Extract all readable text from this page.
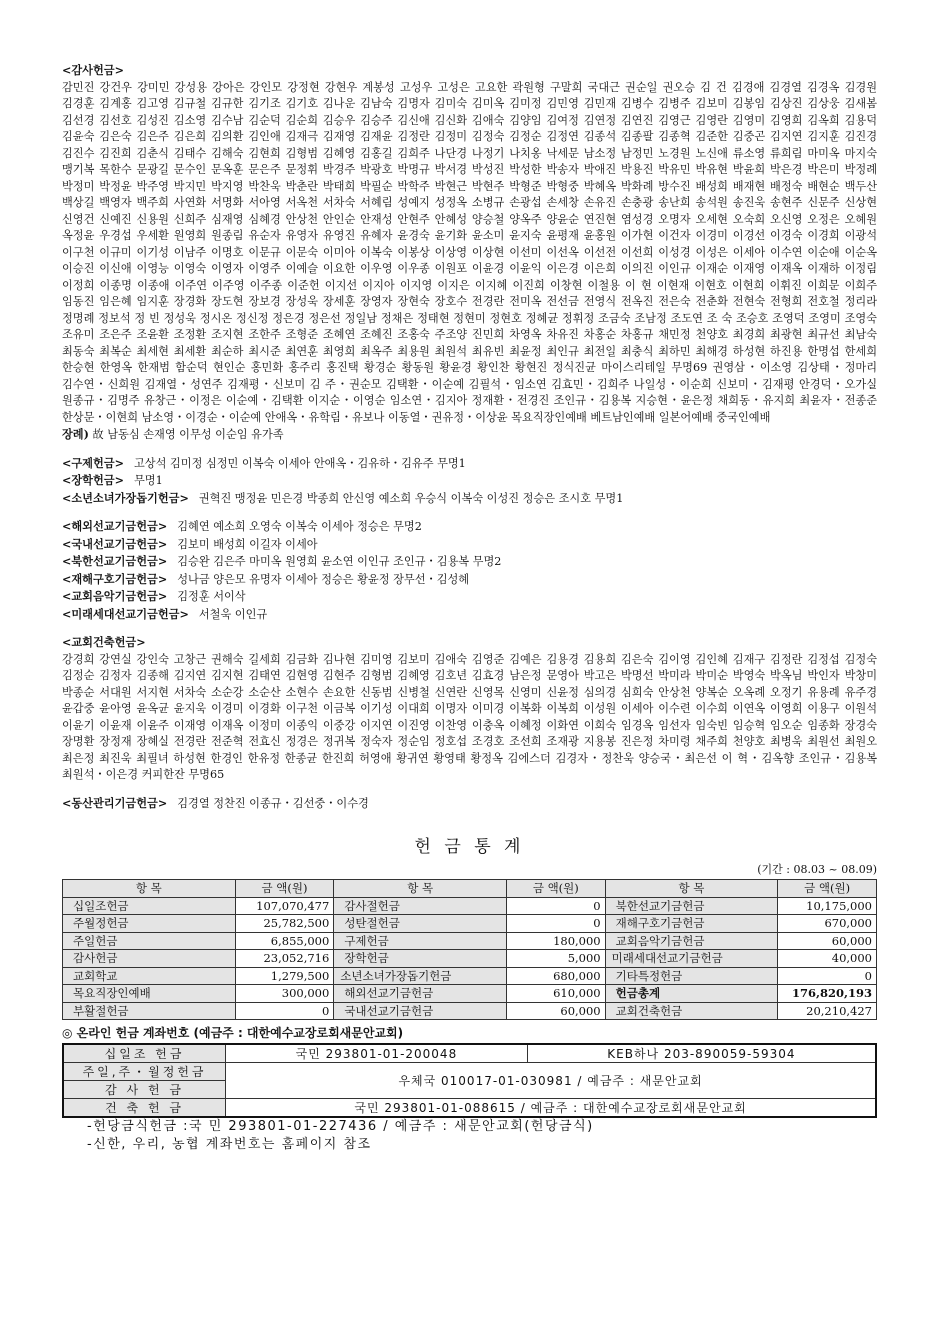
<감사헌금>

감민진 강건우 강미민 강성용 강아은 강인모 강정현 강현우 계봉성 고성우 고성은 고요한 곽원형 구말희 국대근 권순일 권오승 김 건 김경애 김경열 김경옥 김경원 김경훈 김계홍 김고영 김규철 김규한 김기조 김기호 김나운 김남숙 김명자 김미숙 김미옥 김미정 김민영 김민재 김병수 김병주 김보미 김봉임 김상진 김상웅 김새봄 김선경 김선호 김성진 김소영 김수남 김순덕 김순희 김승우 김승주 김신애 김신화 김애숙 김양임 김여정 김연정 김연진 김영근 김영란 김영미 김영희 김옥희 김용덕 김윤숙 김은숙 김은주 김은희 김의환 김인애 김재극 김재영 김재윤 김정란 김정미 김정숙 김정순 김정연 김종석 김종팔 김종혁 김준한 김중곤 김지연 김지훈 김진경 김진수 김진희 김춘식 김태수 김해숙 김현희 김형범 김혜영 김홍길 김희주 나단경 나정기 나치옹 낙세문 남소정 남정민 노경원 노신애 류소영 류희림 마미옥 마지숙 맹기복 목한수 문광길 문수인 문옥훈 문은주 문정휘 박경주 박광호 박명규 박서경 박성진 박성한 박송자 박애진 박용진 박유민 박유현 박윤희 박은경 박은미 박정례 박정미 박정윤 박주영 박지민 박지영 박찬욱 박춘란 박태희 박필순 박학주 박현근 박현주 박형준 박형중 박혜옥 박화례 방수진 배성희 배재현 배정숙 배현순 백두산 백상길 백영자 백주희 사연화 서명화 서아영 서옥천 서차숙 서혜림 성예지 성정옥 소병규 손광섭 손세창 손유진 손충광 송난희 송석원 송진욱 송현주 신문주 신상현 신영건 신예진 신용원 신희주 심재영 심혜경 안상천 안인순 안재성 안현주 안혜성 양승철 양옥주 양윤순 연진현 염성경 오명자 오세현 오숙희 오신영 오정은 오혜원 옥정윤 우경섭 우세환 원영희 원종림 유순자 유영자 유영진 유혜자 윤경숙 윤기화 윤소미 윤지숙 윤평재 윤홍원 이가현 이건자 이경미 이경선 이경숙 이경희 이광석 이구천 이규미 이기성 이남주 이명호 이문규 이문숙 이미아 이복숙 이봉상 이상영 이상현 이선미 이선옥 이선전 이선희 이성경 이성은 이세아 이수연 이순애 이순옥 이승진 이신애 이영능 이영숙 이영자 이영주 이예슬 이요한 이우영 이우종 이원포 이윤경 이윤익 이은경 이은희 이의진 이인규 이재순 이재영 이재옥 이재하 이정림 이정희 이종명 이종애 이주연 이주영 이주종 이준헌 이지선 이지아 이지영 이지은 이지혜 이진희 이창현 이철용 이 현 이현재 이현호 이현희 이휘진 이희문 이희주 임동진 임은혜 임지훈 장경화 장도현 장보경 장성욱 장세훈 장영자 장현숙 장호수 전경란 전미옥 전선금 전영식 전옥진 전은숙 전춘화 전현숙 전형희 전호철 정리라 정명례 정보석 정 빈 정성욱 정시온 정신정 정은경 정은선 정일남 정채은 정태현 정현미 정현호 정혜균 정휘정 조금숙 조남정 조도연 조 숙 조승호 조영덕 조영미 조영숙 조유미 조은주 조윤환 조정환 조지현 조한주 조형준 조혜연 조혜진 조홍숙 주조양 진민희 차영옥 차유진 차홍순 차홍규 채민정 천양호 최경희 최광현 최규선 최남숙 최동숙 최복순 최세현 최세환 최순하 최시준 최연훈 최영희 최옥주 최용원 최원석 최유빈 최윤정 최인규 최전일 최충식 최하민 최해경 하성현 하진용 한명섭 한세희 한승현 한영옥 한재범 함순덕 현인순 홍민화 홍주리 홍진택 황경순 황동원 황윤경 황인찬 황현진 정식진균 마이스리테일 무명69 권영삼・이소영 김상태・정마리 김수연・신희원 김재열・성연주 김재평・신보미 김 주・권순모 김택환・이순예 김필석・임소연 김효민・김희주 나일성・이순희 신보미・김재평 안경덕・오가실 원종규・김명주 유창근・이정은 이순예・김택환 이지순・이영순 임소연・김지아 정재환・전경진 조인규・김용복 지승현・윤은정 채희동・유지희 최윤자・전종준 한상문・이현희 남소영・이경순・이순예 안애옥・유학림・유보나 이동열・권유정・이상윤 목요직장인예배 베트남인예배 일본어예배 중국인예배
장례) 故 남동심 손재영 이무성 이순임 유가족

<구제헌금> 고상석 김미정 심정민 이복숙 이세아 안애옥・김유하・김유주 무명1

<장학헌금> 무명1

<소년소녀가장돕기헌금> 권혁진 맹정윤 민은경 박종희 안신영 예소희 우승식 이복숙 이성진 정승은 조시호 무명1

<해외선교기금헌금> 김혜연 예소희 오영숙 이복숙 이세아 정승은 무명2

<국내선교기금헌금> 김보미 배성희 이길자 이세아

<북한선교기금헌금> 김승완 김은주 마미옥 원영희 윤소연 이인규 조인규・김용복 무명2

<재해구호기금헌금> 성나금 양은모 유명자 이세아 정승은 황윤정 장무선・김성혜

<교회음악기금헌금> 김정훈 서이삭

<미래세대선교기금헌금> 서철욱 이인규

<교회건축헌금>

강경희 강연실 강인숙 고창근 권해숙 길세희 김금화 김나현 김미영 김보미 김애숙 김영준 김예은 김용경 김용희 김은숙 김이영 김인혜 김재구 김정란 김정섭 김정숙 김정순 김정자 김종해 김지연 김지현 김태연 김현영 김현주 김형범 김혜영 김호년 김효경 남은정 문영아 박고은 박명선 박미라 박미순 박영숙 박옥님 박인자 박창미 박종순 서대원 서지현 서차숙 소순강 소순산 소현수 손요한 신동범 신병철 신연란 신영목 신영미 신윤정 심의경 심희숙 안상천 양복순 오옥례 오정기 유용례 유주경 윤갑중 윤아영 윤옥균 윤지욱 이경미 이경화 이구천 이금복 이기성 이대희 이명자 이미경 이복화 이복희 이성원 이세아 이수련 이수희 이연옥 이영희 이용구 이원석 이윤기 이윤재 이윤주 이재영 이재옥 이정미 이종익 이중강 이지연 이진영 이찬영 이충옥 이혜정 이화연 이희숙 임경옥 임선자 임숙빈 임승혁 임오순 임종화 장경숙 장명환 장정재 장혜실 전경란 전준혁 전효신 정경은 정귀복 정숙자 정순임 정호섭 조경호 조선희 조재광 지용봉 진은정 차미령 채주희 천양호 최병욱 최원선 최원오 최은정 최진욱 최필녀 하성현 한경인 한유정 한종균 한진희 허영애 황귀연 황영태 황정옥 김에스더 김경자・정찬욱 양승국・최은선 이 혁・김옥향 조인규・김용복 최원석・이은경 커피한잔 무명65

<동산관리기금헌금> 김경열 정찬진 이종규・김선중・이수경

헌 금 통 계
(기간 : 08.03 ~ 08.09)
항 목	금 액(원)	항 목	금 액(원)	항 목	금 액(원)
십일조헌금	107,070,477	감사절헌금	0	북한선교기금헌금	10,175,000
주월정헌금	25,782,500	성탄절헌금	0	재해구호기금헌금	670,000
주일헌금	6,855,000	구제헌금	180,000	교회음악기금헌금	60,000
감사헌금	23,052,716	장학헌금	5,000	미래세대선교기금헌금	40,000
교회학교	1,279,500	소년소녀가장돕기헌금	680,000	기타특정헌금	0
목요직장인예배	300,000	해외선교기금헌금	610,000	헌금총계	176,820,193
부활절헌금	0	국내선교기금헌금	60,000	교회건축헌금	20,210,427
◎ 온라인 헌금 계좌번호 (예금주 : 대한예수교장로회새문안교회)
십일조 헌금	국민 293801-01-200048	KEB하나 203-890059-59304
주일,주・월정헌금	우체국 010017-01-030981 / 예금주 : 새문안교회	
감 사 헌 금		
건 축 헌 금	국민 293801-01-088615 / 예금주 : 대한예수교장로회새문안교회	
-헌당금식헌금 :국 민 293801-01-227436 / 예금주 : 새문안교회(헌당금식)
-신한, 우리, 농협 계좌번호는 홈페이지 참조
